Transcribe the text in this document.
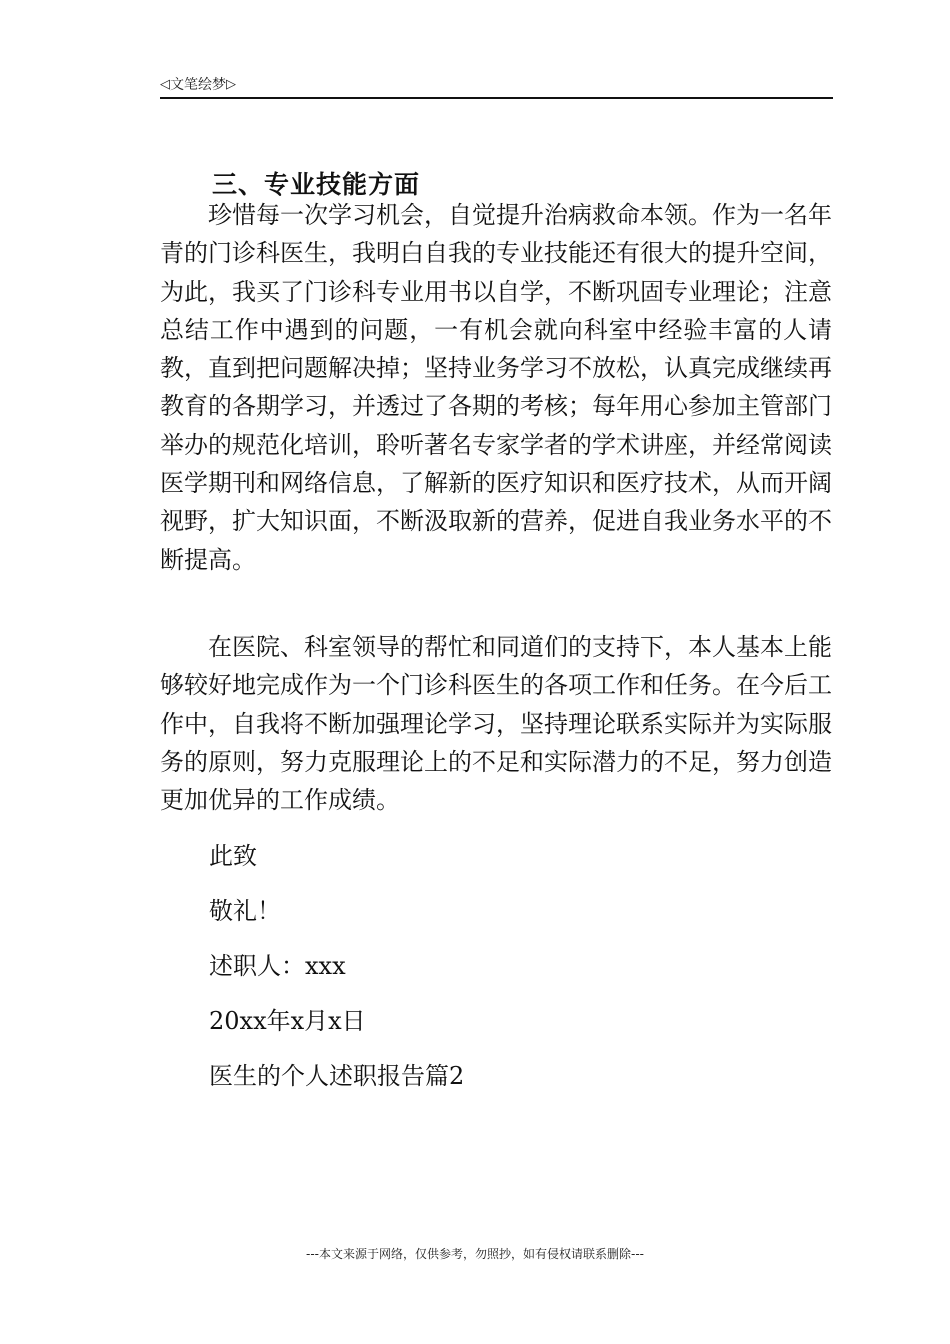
◁ 文笔绘梦 ▷
三、专业技能方面

珍惜每一次学习机会，自觉提升治病救命本领。作为一名年青的门诊科医生，我明白自我的专业技能还有很大的提升空间，为此，我买了门诊科专业用书以自学，不断巩固专业理论；注意总结工作中遇到的问题，一有机会就向科室中经验丰富的人请教，直到把问题解决掉；坚持业务学习不放松，认真完成继续再教育的各期学习，并透过了各期的考核；每年用心参加主管部门举办的规范化培训，聆听著名专家学者的学术讲座，并经常阅读医学期刊和网络信息，了解新的医疗知识和医疗技术，从而开阔视野，扩大知识面，不断汲取新的营养，促进自我业务水平的不断提高。

在医院、科室领导的帮忙和同道们的支持下，本人基本上能够较好地完成作为一个门诊科医生的各项工作和任务。在今后工作中，自我将不断加强理论学习，坚持理论联系实际并为实际服务的原则，努力克服理论上的不足和实际潜力的不足，努力创造更加优异的工作成绩。

此致
敬礼！
述职人：xxx
20xx年x月x日
医生的个人述职报告篇2
---本文来源于网络，仅供参考，勿照抄，如有侵权请联系删除---
